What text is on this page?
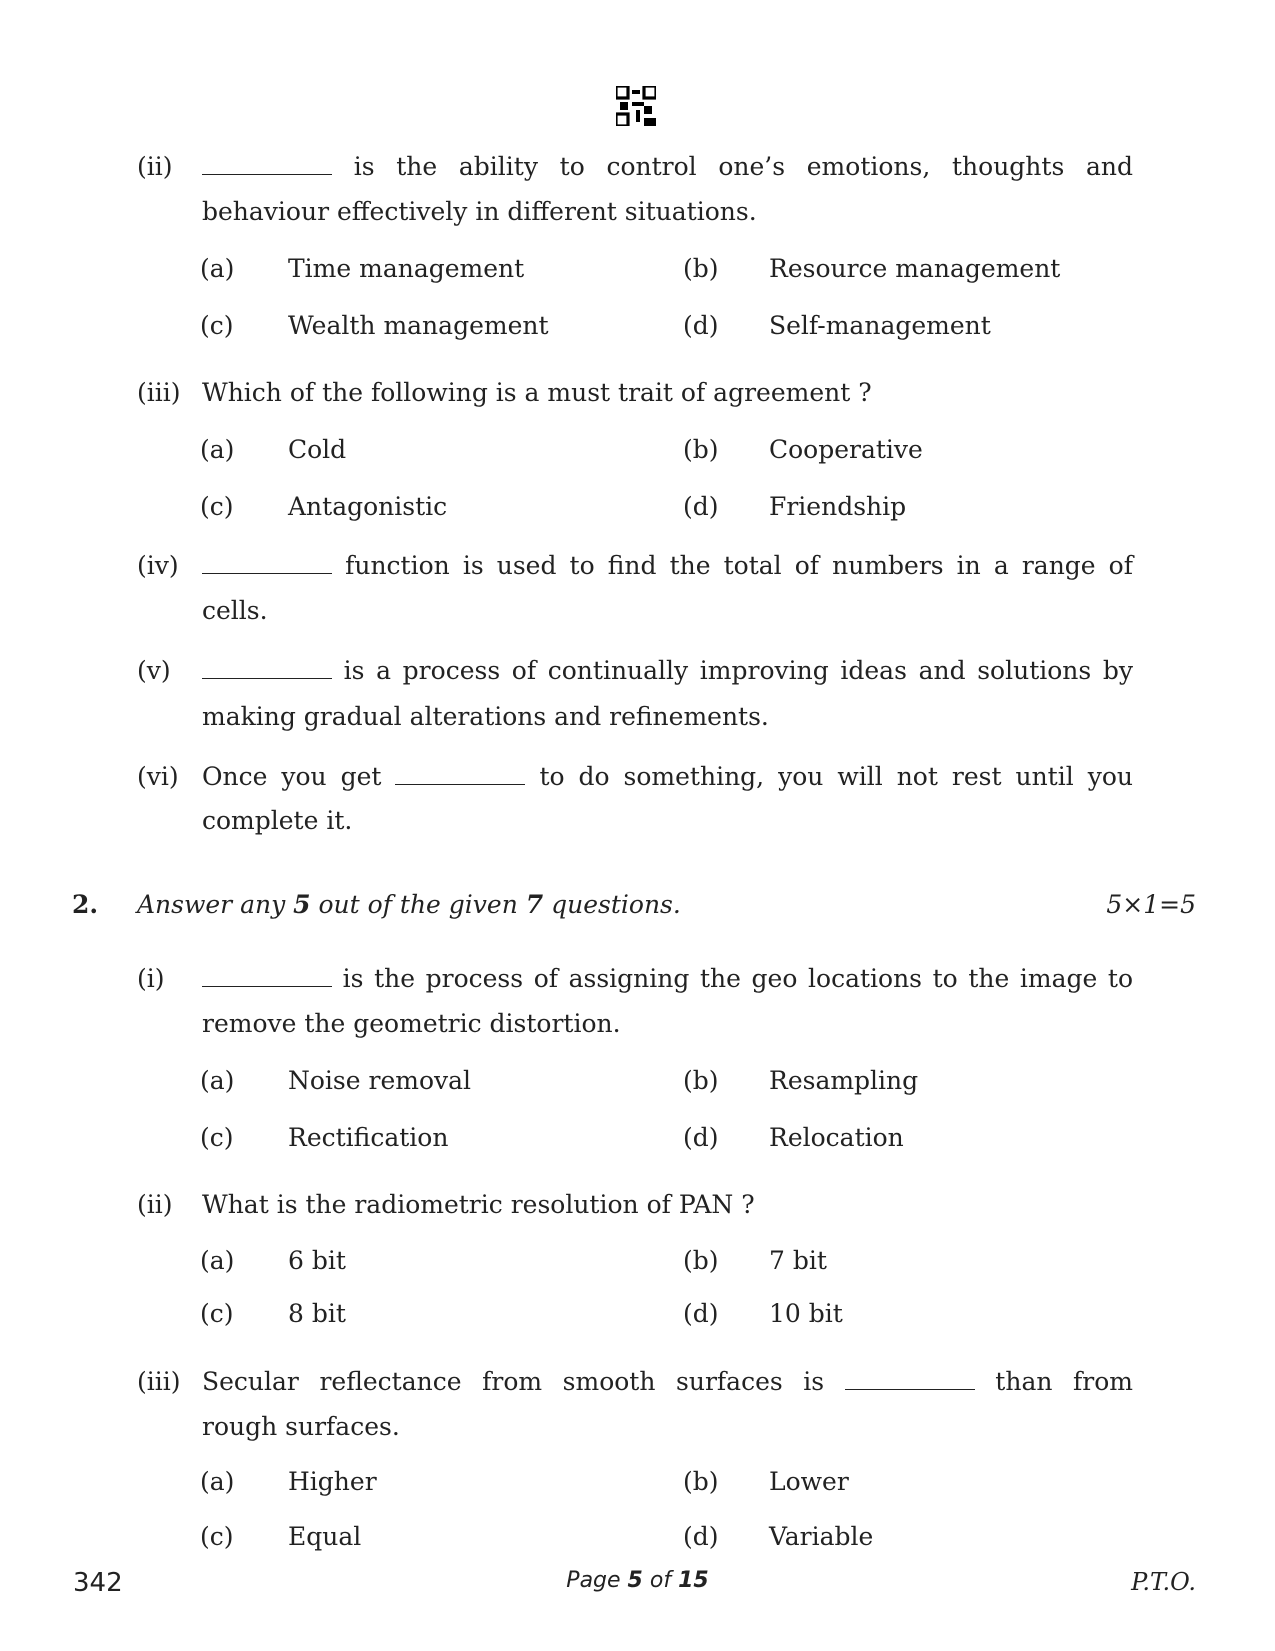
(ii)	is the ability to control one’s emotions, thoughts and
behaviour effectively in different situations.
(a) Time management	(b) Resource management
(c) Wealth management	(d) Self-management
(iii) Which of the following is a must trait of agreement ?
(a) Cold	(b) Cooperative
(c) Antagonistic	(d) Friendship
(iv)	function is used to find the total of numbers in a range of
cells.
(v)	is a process of continually improving ideas and solutions by
making gradual alterations and refinements.
(vi) Once you get	to do something, you will not rest until you
complete it.
2. Answer any 5 out of the given 7 questions.	5×1=5
(i)	is the process of assigning the geo locations to the image to
remove the geometric distortion.
(a) Noise removal	(b) Resampling
(c) Rectification	(d) Relocation
(ii) What is the radiometric resolution of PAN ?
(a) 6 bit	(b) 7 bit
(c) 8 bit	(d) 10 bit
(iii) Secular reflectance from smooth surfaces is	than from
rough surfaces.
(a) Higher	(b) Lower
(c) Equal	(d) Variable
342	Page 5 of 15	P.T.O.
